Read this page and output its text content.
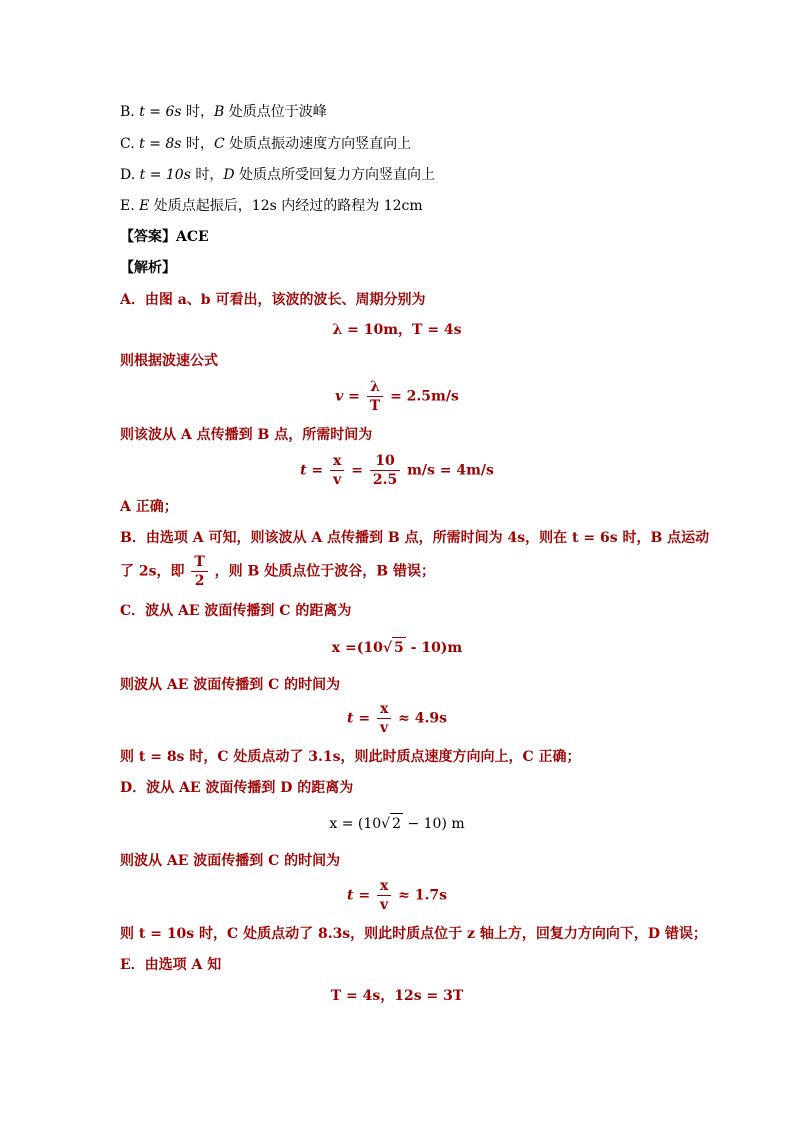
B. t = 6s 时，B 处质点位于波峰
C. t = 8s 时，C 处质点振动速度方向竖直向上
D. t = 10s 时，D 处质点所受回复力方向竖直向上
E. E 处质点起振后，12s 内经过的路程为 12cm
【答案】ACE
【解析】
A．由图 a、b 可看出，该波的波长、周期分别为
λ = 10m，T = 4s
则根据波速公式
$v = \frac{\lambda}{T} = 2.5m/s$
则该波从 A 点传播到 B 点，所需时间为
$t = \frac{x}{v} = \frac{10}{2.5} m/s = 4m/s$
A 正确；
B．由选项 A 可知，则该波从 A 点传播到 B 点，所需时间为 4s，则在 t = 6s 时，B 点运动
了 2s，即 $\frac{T}{2}$ ，则 B 处质点位于波谷，B 错误；
C．波从 AE 波面传播到 C 的距离为
x =(10√ 5 - 10)m
则波从 AE 波面传播到 C 的时间为
$t = \frac{x}{v} \approx 4.9s$
则 t = 8s 时，C 处质点动了 3.1s，则此时质点速度方向向上，C 正确；
D．波从 AE 波面传播到 D 的距离为
x = (10√ 2 − 10) m
则波从 AE 波面传播到 C 的时间为
$t = \frac{x}{v} \approx 1.7s$
则 t = 10s 时，C 处质点动了 8.3s，则此时质点位于 z 轴上方，回复力方向向下，D 错误；
E．由选项 A 知
T = 4s，12s = 3T
